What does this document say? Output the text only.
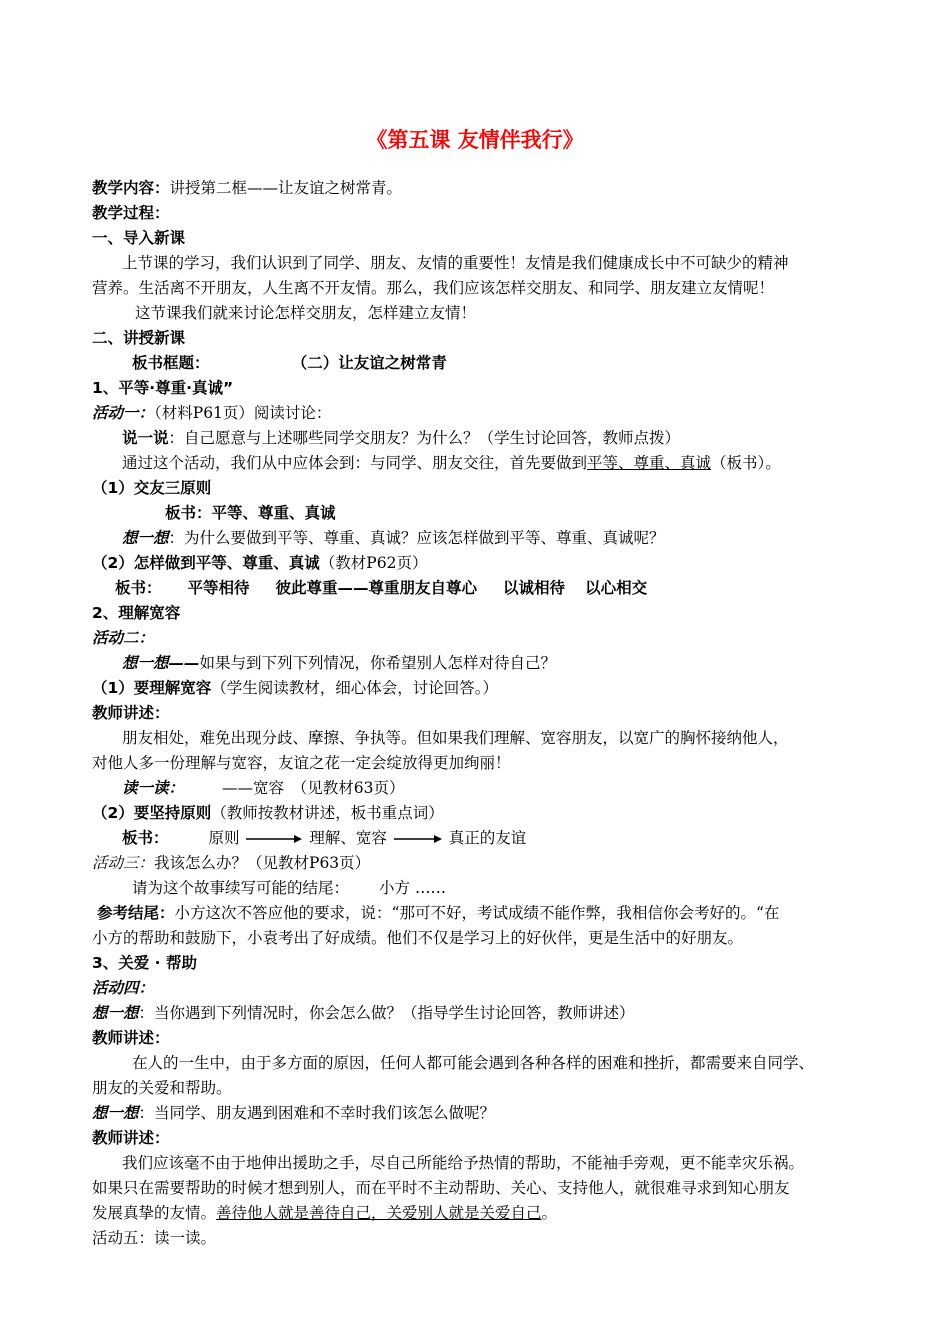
《第五课 友情伴我行》
教学内容：讲授第二框——让友谊之树常青。
教学过程：
一、导入新课
上节课的学习，我们认识到了同学、朋友、友情的重要性！友情是我们健康成长中不可缺少的精神
营养。生活离不开朋友，人生离不开友情。那么，我们应该怎样交朋友、和同学、朋友建立友情呢！
这节课我们就来讨论怎样交朋友，怎样建立友情！
二、讲授新课
板书框题：	（二）让友谊之树常青
1、平等·尊重·真诚”
活动一：（材料P61页）阅读讨论：
说一说：自己愿意与上述哪些同学交朋友？为什么？（学生讨论回答，教师点拨）
通过这个活动，我们从中应体会到：与同学、朋友交往，首先要做到平等、尊重、真诚（板书）。
（1）交友三原则
板书：平等、尊重、真诚
想一想：为什么要做到平等、尊重、真诚？应该怎样做到平等、尊重、真诚呢？
（2）怎样做到平等、尊重、真诚（教材P62页）
板书： 平等相待 彼此尊重——尊重朋友自尊心 以诚相待 以心相交
2、理解宽容
活动二：
想一想——如果与到下列下列情况，你希望别人怎样对待自己？
（1）要理解宽容（学生阅读教材，细心体会，讨论回答。）
教师讲述：
朋友相处，难免出现分歧、摩擦、争执等。但如果我们理解、宽容朋友，以宽广的胸怀接纳他人，
对他人多一份理解与宽容，友谊之花一定会绽放得更加绚丽！
读一读： ——宽容　（见教材63页）
（2）要坚持原则（教师按教材讲述，板书重点词）
板书：	原则	理解、宽容	真正的友谊
活动三：我该怎么办？（见教材P63页）
请为这个故事续写可能的结尾： 小方 ……
参考结尾：小方这次不答应他的要求，说：“那可不好，考试成绩不能作弊，我相信你会考好的。“在
小方的帮助和鼓励下，小袁考出了好成绩。他们不仅是学习上的好伙伴，更是生活中的好朋友。
3、关爱 · 帮助
活动四：
想一想：当你遇到下列情况时，你会怎么做？（指导学生讨论回答，教师讲述）
教师讲述：
在人的一生中，由于多方面的原因，任何人都可能会遇到各种各样的困难和挫折，都需要来自同学、
朋友的关爱和帮助。
想一想：当同学、朋友遇到困难和不幸时我们该怎么做呢？
教师讲述：
我们应该毫不由于地伸出援助之手，尽自己所能给予热情的帮助，不能袖手旁观，更不能幸灾乐祸。
如果只在需要帮助的时候才想到别人，而在平时不主动帮助、关心、支持他人，就很难寻求到知心朋友
发展真挚的友情。善待他人就是善待自己，关爱别人就是关爱自己。
活动五：读一读。
